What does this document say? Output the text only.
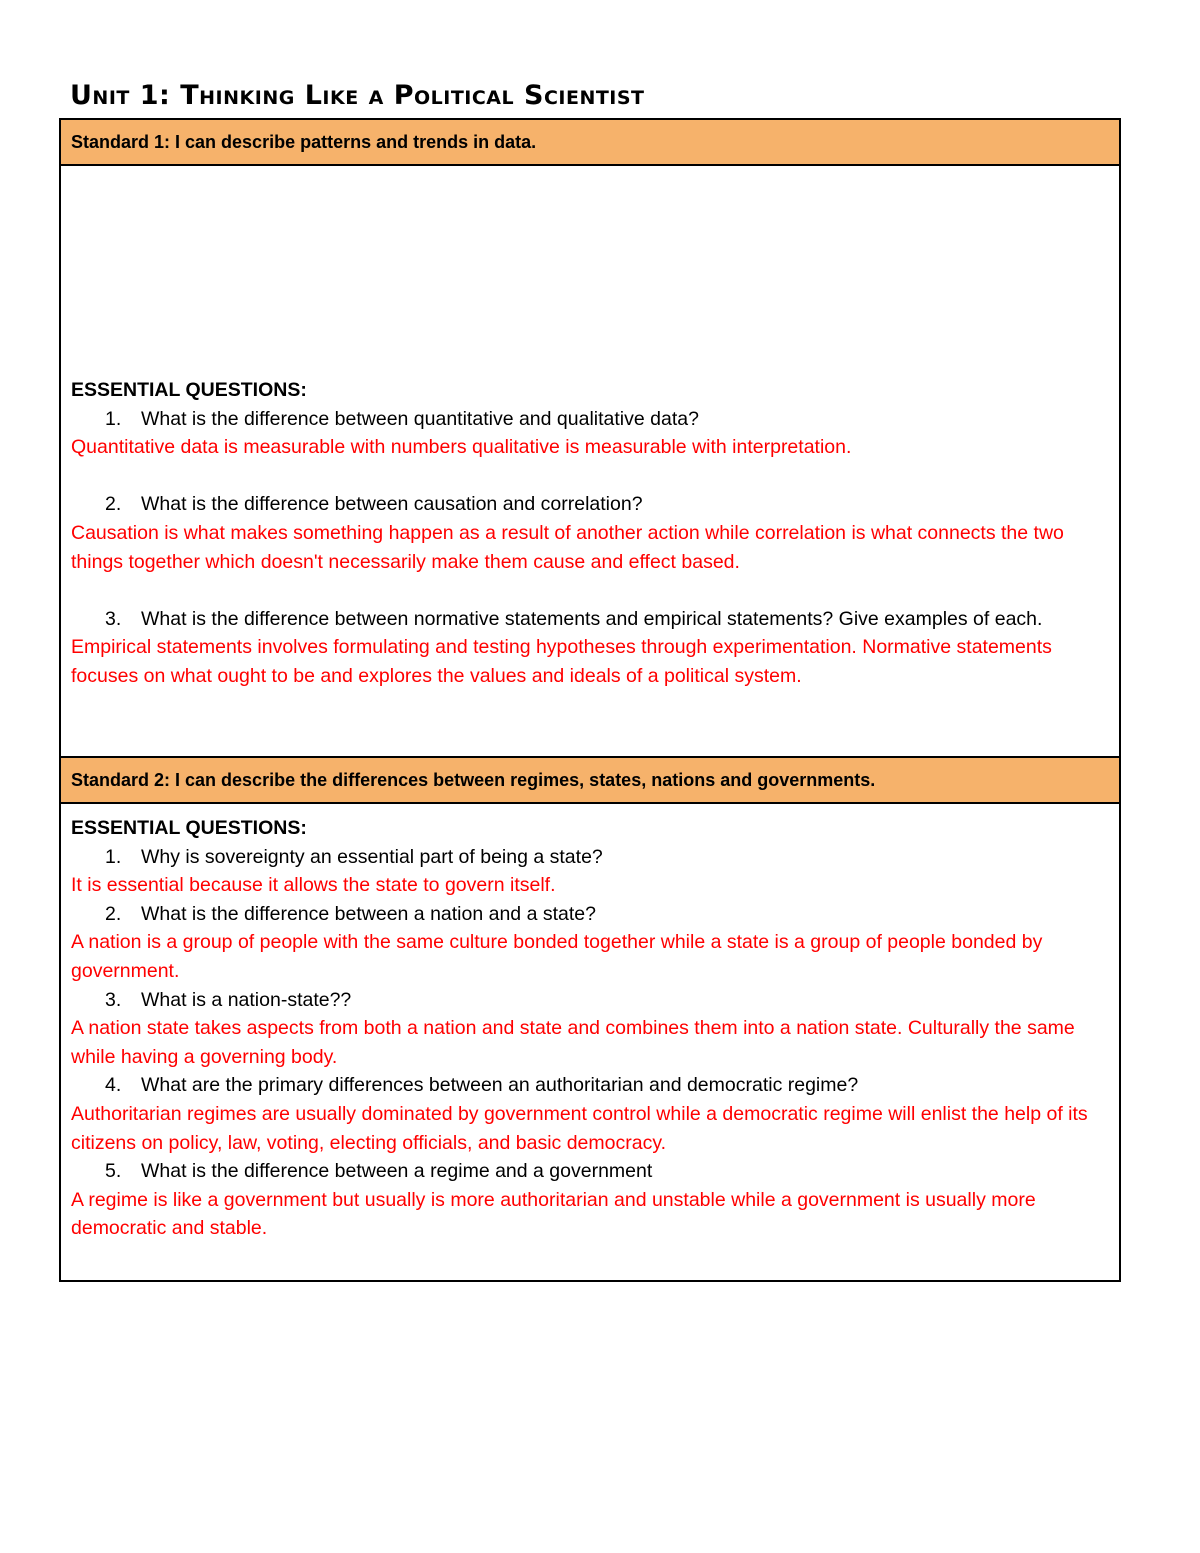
Unit 1: Thinking Like a Political Scientist
Standard 1: I can describe patterns and trends in data.

ESSENTIAL QUESTIONS:

1. What is the difference between quantitative and qualitative data?

Quantitative data is measurable with numbers qualitative is measurable with interpretation.

2. What is the difference between causation and correlation?

Causation is what makes something happen as a result of another action while correlation is what connects the two things together which doesn't necessarily make them cause and effect based.

3. What is the difference between normative statements and empirical statements? Give examples of each.

Empirical statements involves formulating and testing hypotheses through experimentation. Normative statements focuses on what ought to be and explores the values and ideals of a political system.

Standard 2: I can describe the differences between regimes, states, nations and governments.

ESSENTIAL QUESTIONS:

1. Why is sovereignty an essential part of being a state?

It is essential because it allows the state to govern itself.

2. What is the difference between a nation and a state?

A nation is a group of people with the same culture bonded together while a state is a group of people bonded by government.

3. What is a nation-state??

A nation state takes aspects from both a nation and state and combines them into a nation state. Culturally the same while having a governing body.

4. What are the primary differences between an authoritarian and democratic regime?

Authoritarian regimes are usually dominated by government control while a democratic regime will enlist the help of its citizens on policy, law, voting, electing officials, and basic democracy.

5. What is the difference between a regime and a government

A regime is like a government but usually is more authoritarian and unstable while a government is usually more democratic and stable.
